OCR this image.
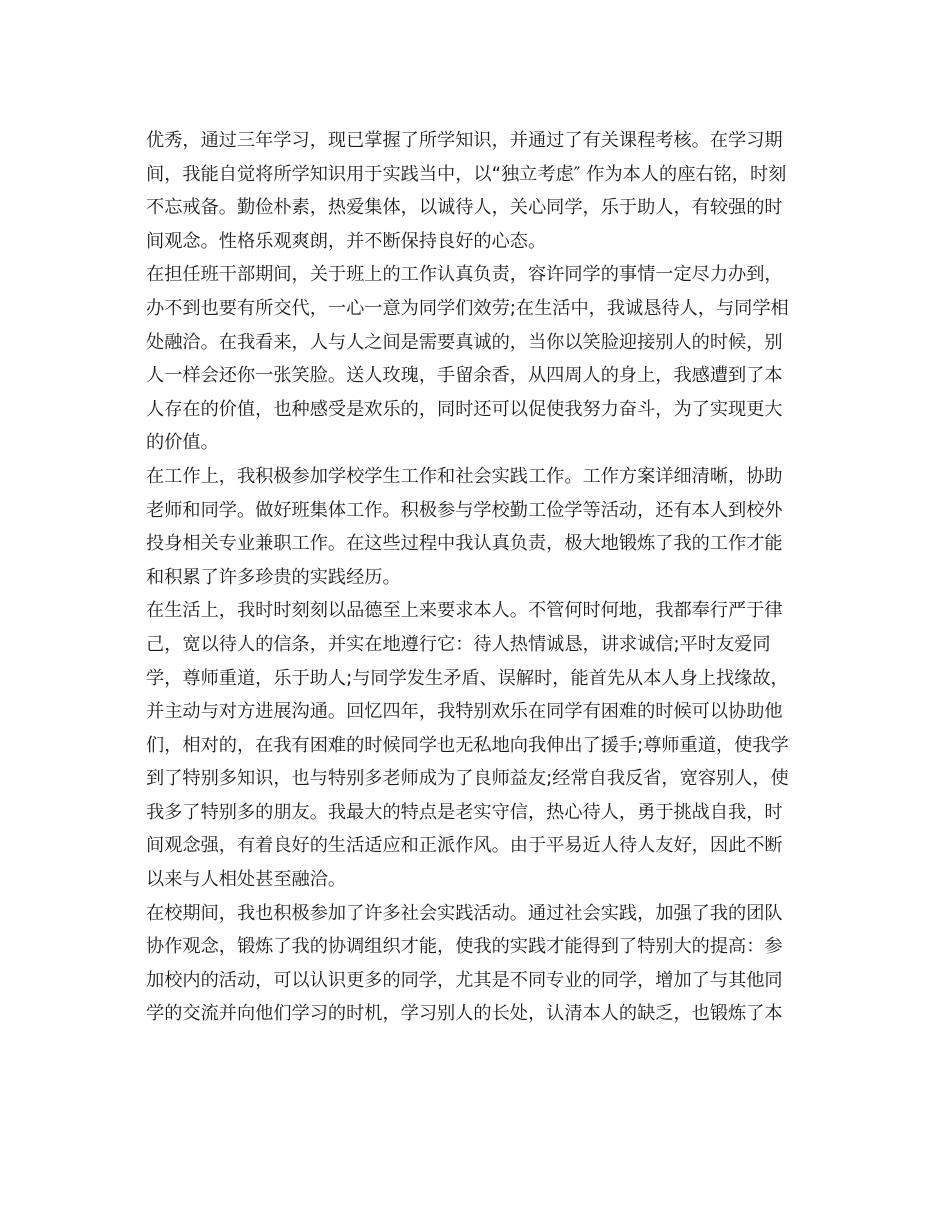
优秀，通过三年学习，现已掌握了所学知识，并通过了有关课程考核。在学习期
间，我能自觉将所学知识用于实践当中，以“独立考虑″ 作为本人的座右铭，时刻
不忘戒备。勤俭朴素，热爱集体，以诚待人，关心同学，乐于助人，有较强的时
间观念。性格乐观爽朗，并不断保持良好的心态。
在担任班干部期间，关于班上的工作认真负责，容许同学的事情一定尽力办到，
办不到也要有所交代，一心一意为同学们效劳;在生活中，我诚恳待人，与同学相
处融洽。在我看来，人与人之间是需要真诚的，当你以笑脸迎接别人的时候，别
人一样会还你一张笑脸。送人玫瑰，手留余香，从四周人的身上，我感遭到了本
人存在的价值，也种感受是欢乐的，同时还可以促使我努力奋斗，为了实现更大
的价值。
在工作上，我积极参加学校学生工作和社会实践工作。工作方案详细清晰，协助
老师和同学。做好班集体工作。积极参与学校勤工俭学等活动，还有本人到校外
投身相关专业兼职工作。在这些过程中我认真负责，极大地锻炼了我的工作才能
和积累了许多珍贵的实践经历。
在生活上，我时时刻刻以品德至上来要求本人。不管何时何地，我都奉行严于律
己，宽以待人的信条，并实在地遵行它：待人热情诚恳，讲求诚信;平时友爱同
学，尊师重道，乐于助人;与同学发生矛盾、误解时，能首先从本人身上找缘故，
并主动与对方进展沟通。回忆四年，我特别欢乐在同学有困难的时候可以协助他
们，相对的，在我有困难的时候同学也无私地向我伸出了援手;尊师重道，使我学
到了特别多知识，也与特别多老师成为了良师益友;经常自我反省，宽容别人，使
我多了特别多的朋友。我最大的特点是老实守信，热心待人，勇于挑战自我，时
间观念强，有着良好的生活适应和正派作风。由于平易近人待人友好，因此不断
以来与人相处甚至融洽。
在校期间，我也积极参加了许多社会实践活动。通过社会实践，加强了我的团队
协作观念，锻炼了我的协调组织才能，使我的实践才能得到了特别大的提高：参
加校内的活动，可以认识更多的同学，尤其是不同专业的同学，增加了与其他同
学的交流并向他们学习的时机，学习别人的长处，认清本人的缺乏，也锻炼了本
